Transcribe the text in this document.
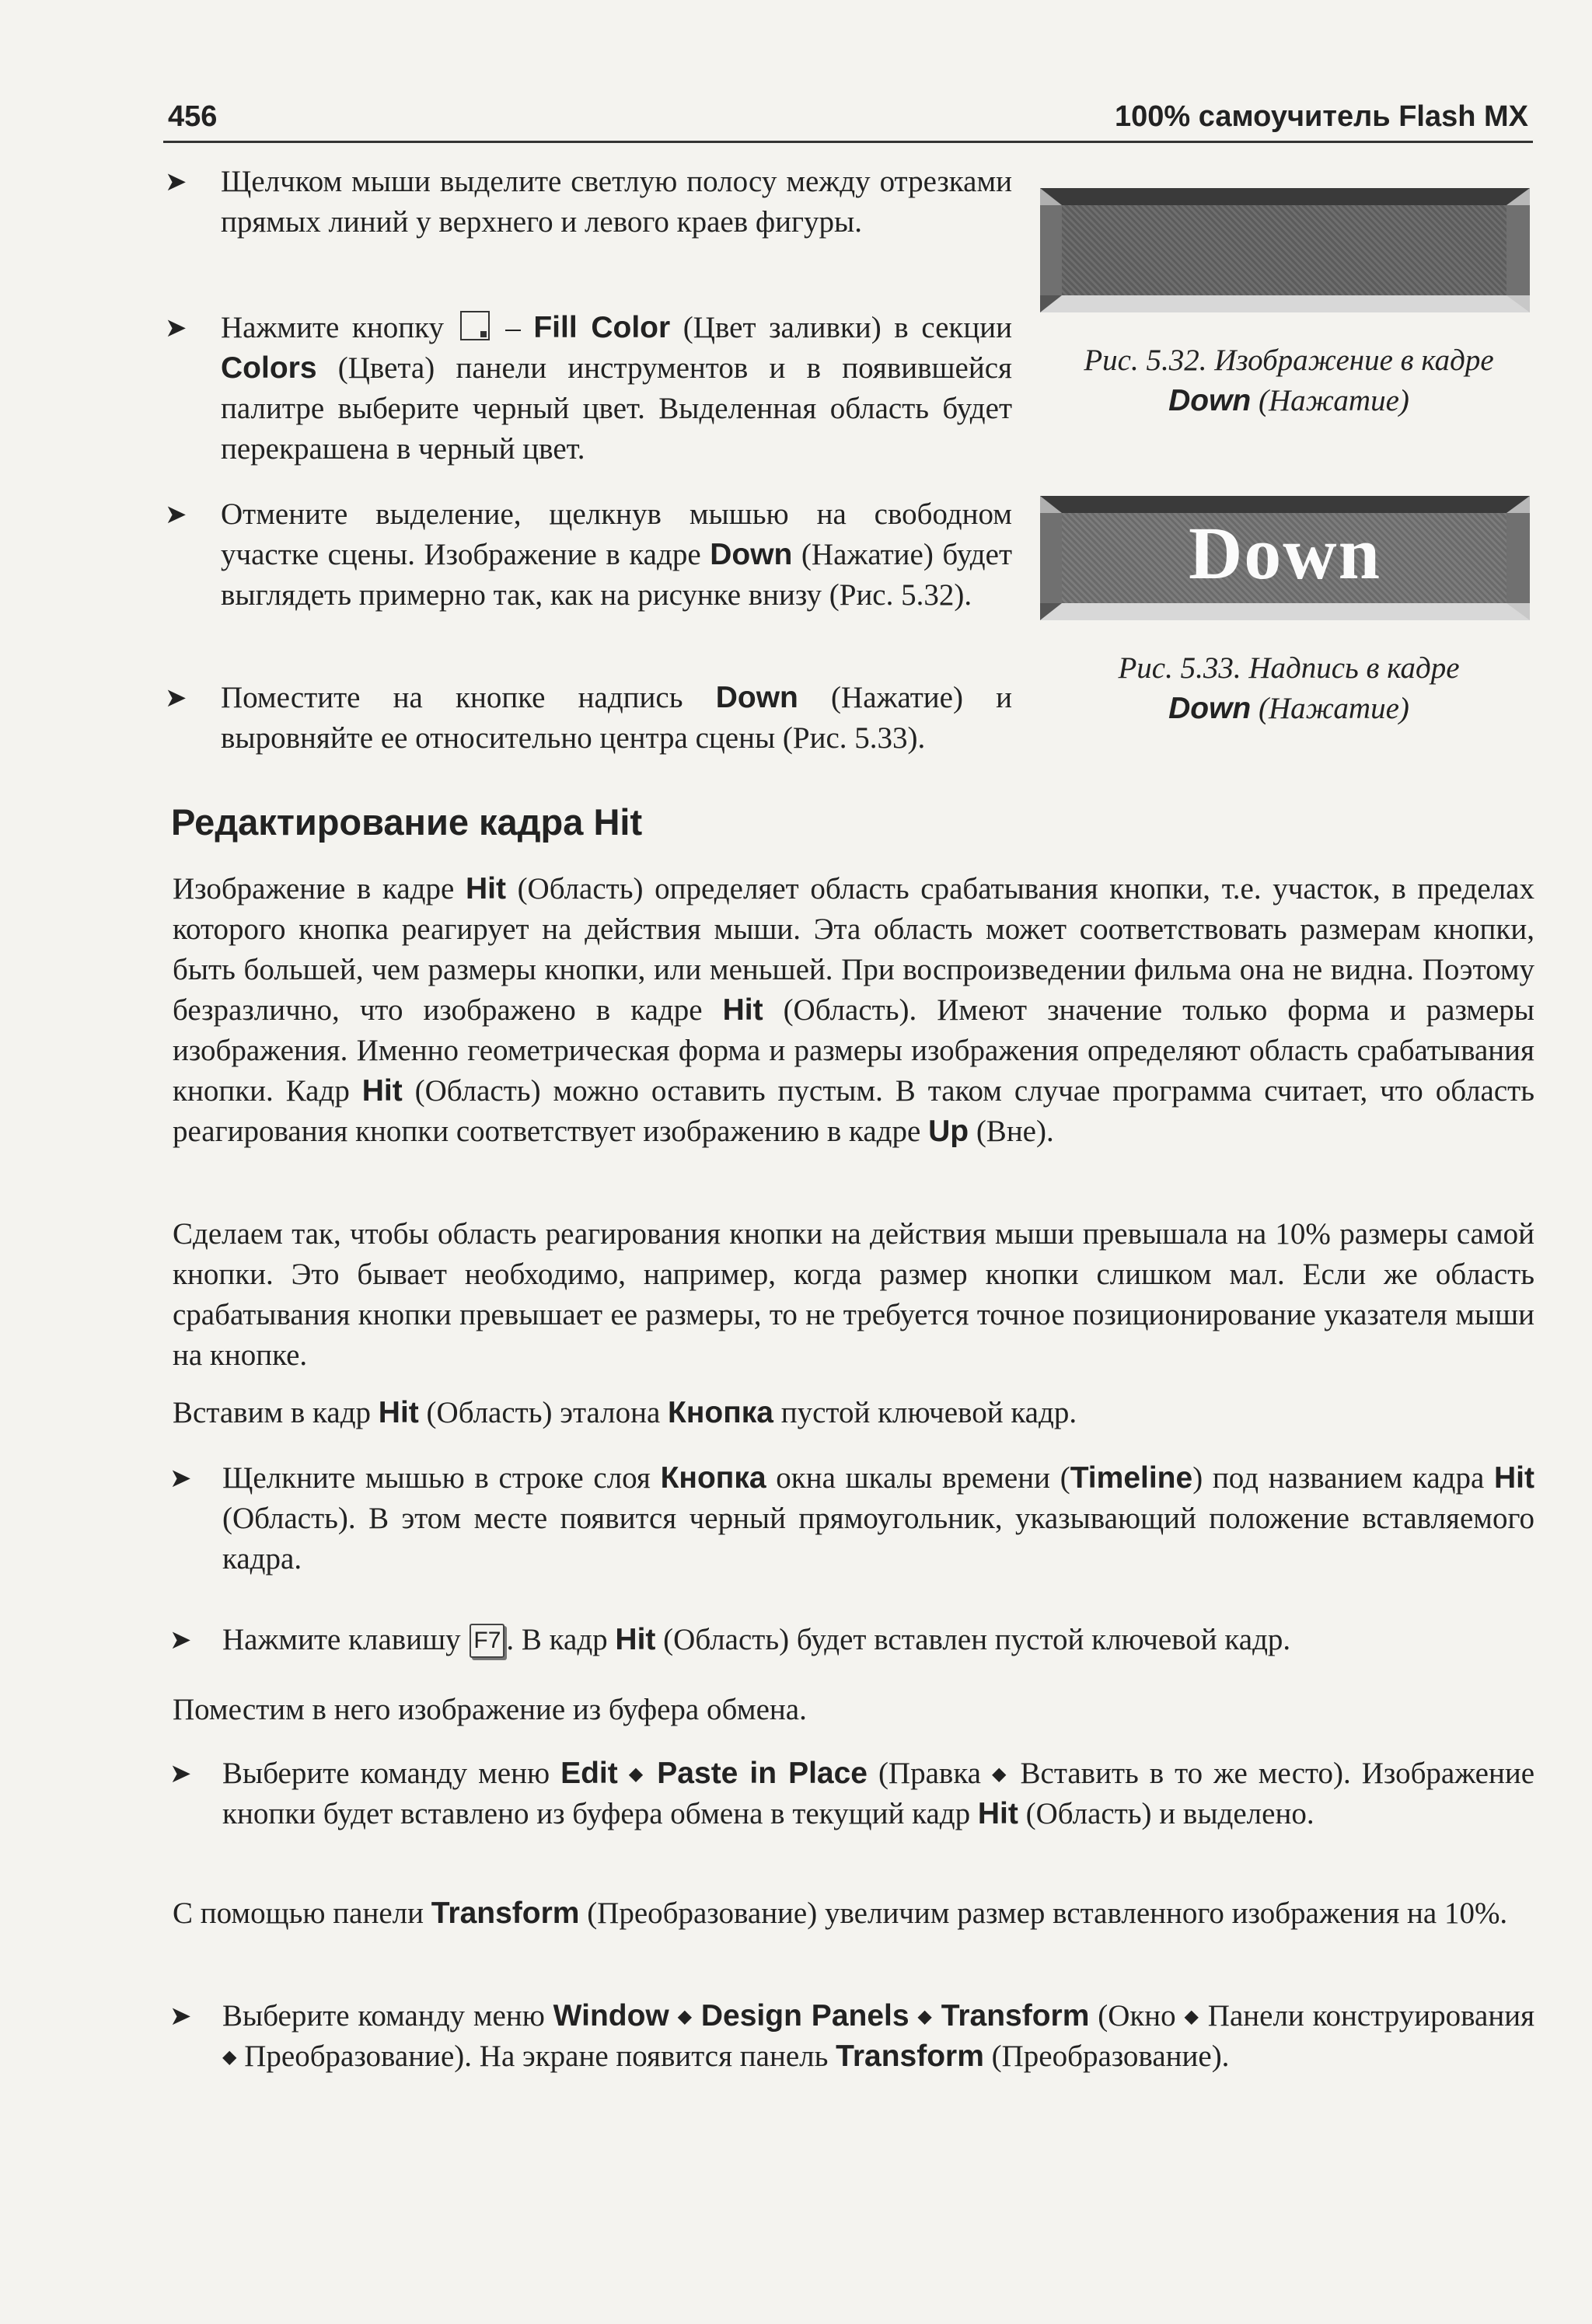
456	100% самоучитель Flash MX
➤ Щелчком мыши выделите светлую полосу между отрезками прямых линий у верхнего и левого краев фигуры.

➤ Нажмите кнопку – Fill Color (Цвет заливки) в секции Colors (Цвета) панели инструментов и в появившейся палитре выберите черный цвет. Выделенная область будет перекрашена в черный цвет.

➤ Отмените выделение, щелкнув мышью на свободном участке сцены. Изображение в кадре Down (Нажатие) будет выглядеть примерно так, как на рисунке внизу (Рис. 5.32).

➤ Поместите на кнопке надпись Down (Нажатие) и выровняйте ее относительно центра сцены (Рис. 5.33).

Рис. 5.32. Изображение в кадре
Down (Нажатие)
Down
Рис. 5.33. Надпись в кадре
Down (Нажатие)
Редактирование кадра Hit

Изображение в кадре Hit (Область) определяет область срабатывания кнопки, т.е. участок, в пределах которого кнопка реагирует на действия мыши. Эта область может соответствовать размерам кнопки, быть большей, чем размеры кнопки, или меньшей. При воспроизведении фильма она не видна. Поэтому безразлично, что изображено в кадре Hit (Область). Имеют значение только форма и размеры изображения. Именно геометрическая форма и размеры изображения определяют область срабатывания кнопки. Кадр Hit (Область) можно оставить пустым. В таком случае программа считает, что область реагирования кнопки соответствует изображению в кадре Up (Вне).

Сделаем так, чтобы область реагирования кнопки на действия мыши превышала на 10% размеры самой кнопки. Это бывает необходимо, например, когда размер кнопки слишком мал. Если же область срабатывания кнопки превышает ее размеры, то не требуется точное позиционирование указателя мыши на кнопке.

Вставим в кадр Hit (Область) эталона Кнопка пустой ключевой кадр.

➤ Щелкните мышью в строке слоя Кнопка окна шкалы времени (Timeline) под названием кадра Hit (Область). В этом месте появится черный прямоугольник, указывающий положение вставляемого кадра.

➤ Нажмите клавишу F7 . В кадр Hit (Область) будет вставлен пустой ключевой кадр.

Поместим в него изображение из буфера обмена.

➤ Выберите команду меню Edit ◆ Paste in Place (Правка ◆ Вставить в то же место). Изображение кнопки будет вставлено из буфера обмена в текущий кадр Hit (Область) и выделено.

С помощью панели Transform (Преобразование) увеличим размер вставленного изображения на 10%.

➤ Выберите команду меню Window ◆ Design Panels ◆ Transform (Окно ◆ Панели конструирования ◆ Преобразование). На экране появится панель Transform (Преобразование).
